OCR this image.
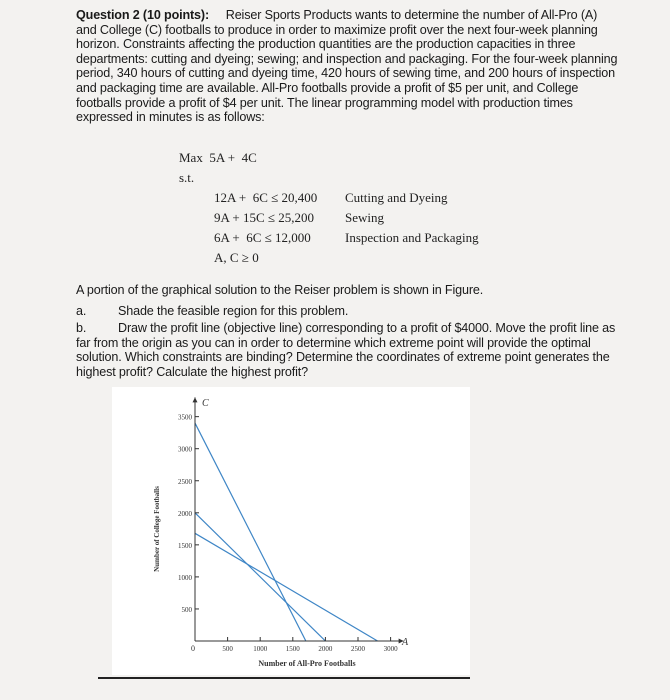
Question 2 (10 points): Reiser Sports Products wants to determine the number of All-Pro (A) and College (C) footballs to produce in order to maximize profit over the next four-week planning horizon. Constraints affecting the production quantities are the production capacities in three departments: cutting and dyeing; sewing; and inspection and packaging. For the four-week planning period, 340 hours of cutting and dyeing time, 420 hours of sewing time, and 200 hours of inspection and packaging time are available. All-Pro footballs provide a profit of $5 per unit, and College footballs provide a profit of $4 per unit. The linear programming model with production times expressed in minutes is as follows:

Max  5A +  4C
s.t.
12A +  6C ≤ 20,400	Cutting and Dyeing
9A + 15C ≤ 25,200	Sewing
6A +  6C ≤ 12,000	Inspection and Packaging
A, C ≥ 0

A portion of the graphical solution to the Reiser problem is shown in Figure.

a.	Shade the feasible region for this problem.

b.	Draw the profit line (objective line) corresponding to a profit of $4000. Move the profit line as far from the origin as you can in order to determine which extreme point will provide the optimal solution. Which constraints are binding? Determine the coordinates of extreme point generates the highest profit? Calculate the highest profit?

500
1000
1500
2000
2500
3000
3500
500	1000	1500	2000	2500	3000
C
A
0
Number of All-Pro Footballs
Number of College Footballs
